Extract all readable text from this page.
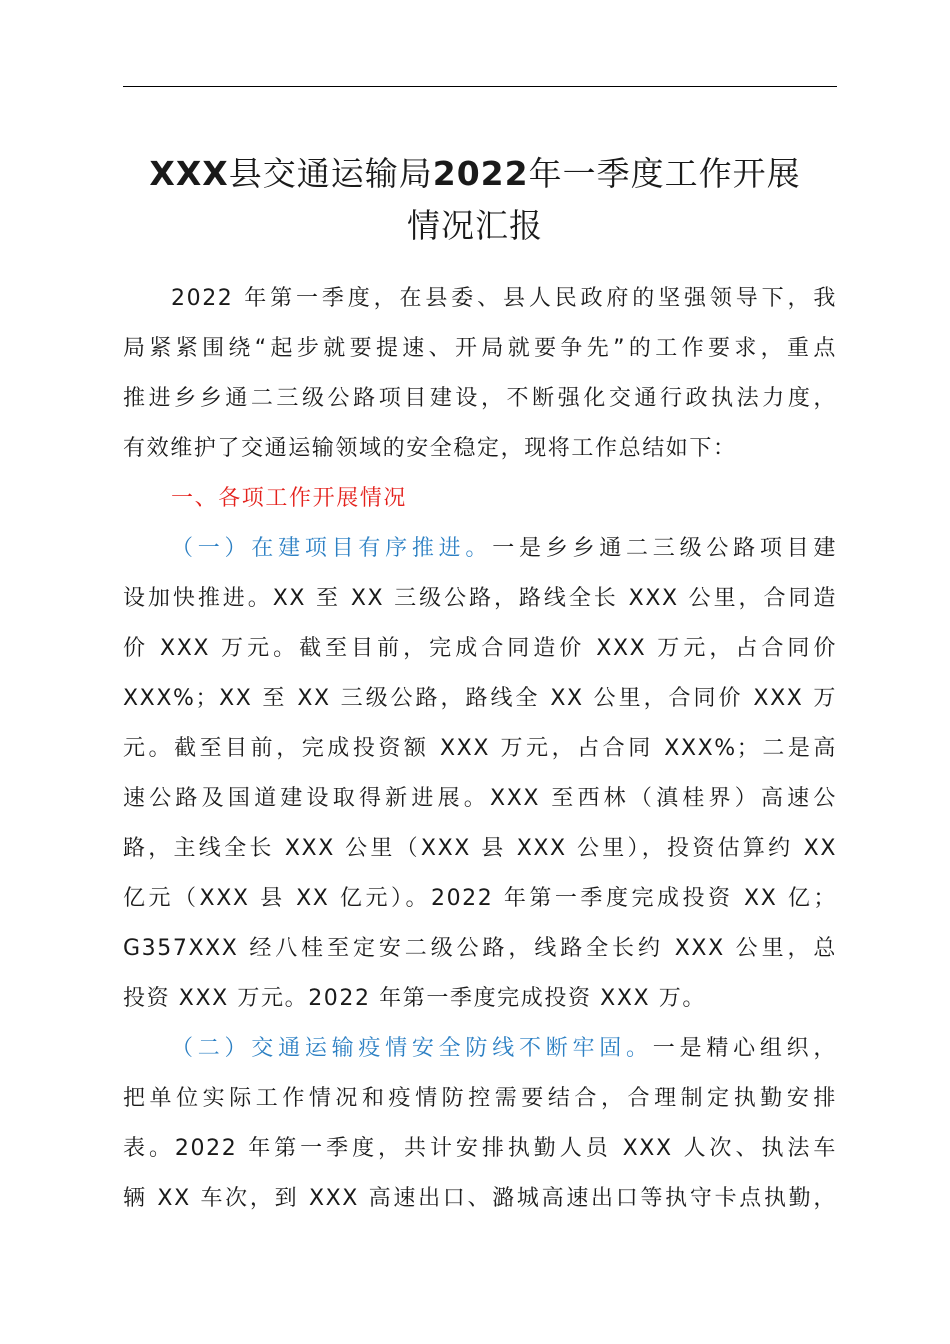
XXX县交通运输局2022年一季度工作开展
情况汇报
2022 年第一季度，在县委、县人民政府的坚强领导下，我
局紧紧围绕“起步就要提速、开局就要争先”的工作要求，重点
推进乡乡通二三级公路项目建设，不断强化交通行政执法力度，
有效维护了交通运输领域的安全稳定，现将工作总结如下：
一、各项工作开展情况
（一）在建项目有序推进。一是乡乡通二三级公路项目建
设加快推进。XX 至 XX 三级公路，路线全长 XXX 公里，合同造
价 XXX 万元。截至目前，完成合同造价 XXX 万元，占合同价
XXX%；XX 至 XX 三级公路，路线全 XX 公里，合同价 XXX 万
元。截至目前，完成投资额 XXX 万元，占合同 XXX%；二是高
速公路及国道建设取得新进展。XXX 至西林（滇桂界）高速公
路，主线全长 XXX 公里（XXX 县 XXX 公里），投资估算约 XX
亿元（XXX 县 XX 亿元）。2022 年第一季度完成投资 XX 亿；
G357XXX 经八桂至定安二级公路，线路全长约 XXX 公里，总
投资 XXX 万元。2022 年第一季度完成投资 XXX 万。
（二）交通运输疫情安全防线不断牢固。一是精心组织，
把单位实际工作情况和疫情防控需要结合，合理制定执勤安排
表。2022 年第一季度，共计安排执勤人员 XXX 人次、执法车
辆 XX 车次，到 XXX 高速出口、潞城高速出口等执守卡点执勤，
